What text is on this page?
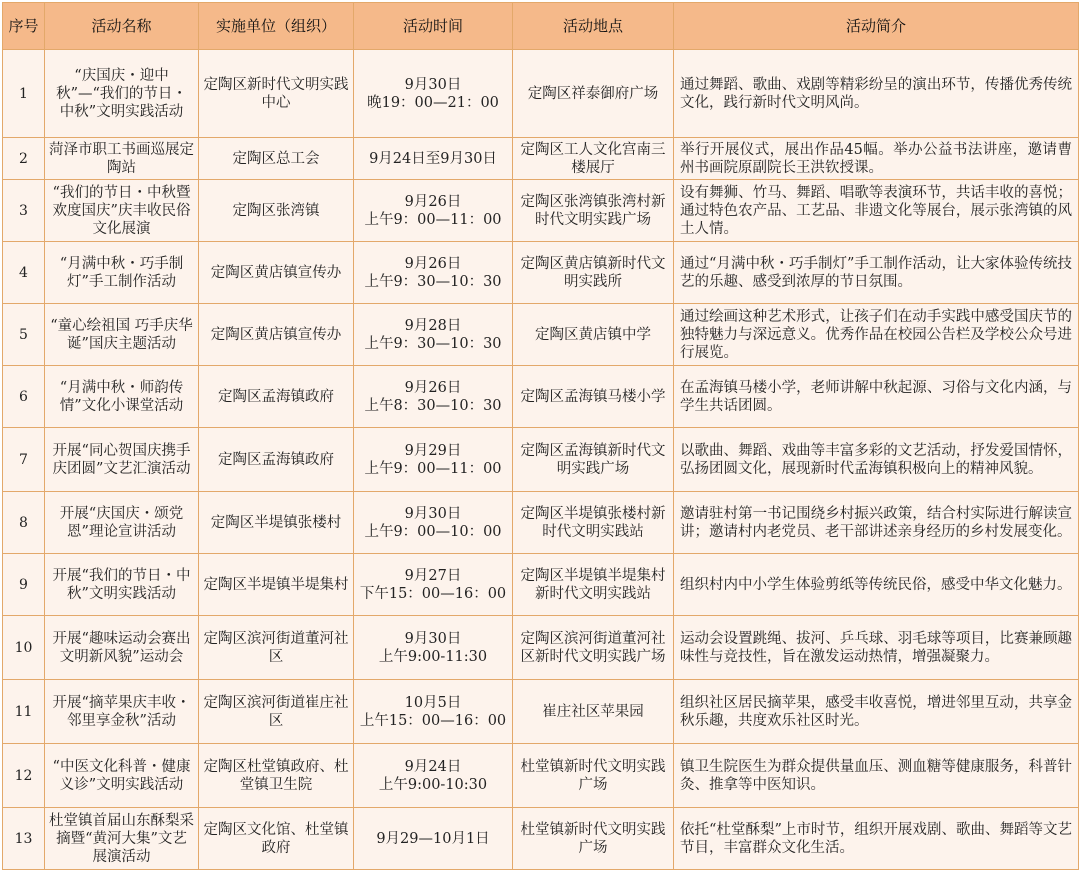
序号	活动名称	实施单位（组织）	活动时间	活动地点	活动简介
1	“庆国庆・迎中秋”—“我们的节日・中秋”文明实践活动	定陶区新时代文明实践中心	9月30日
晚19：00—21：00	定陶区祥泰御府广场	通过舞蹈、歌曲、戏剧等精彩纷呈的演出环节，传播优秀传统文化，践行新时代文明风尚。
2	菏泽市职工书画巡展定陶站	定陶区总工会	9月24日至9月30日	定陶区工人文化宫南三楼展厅	举行开展仪式，展出作品45幅。举办公益书法讲座，邀请曹州书画院原副院长王洪钦授课。
3	“我们的节日・中秋暨欢度国庆”庆丰收民俗文化展演	定陶区张湾镇	9月26日
上午9：00—11：00	定陶区张湾镇张湾村新时代文明实践广场	设有舞狮、竹马、舞蹈、唱歌等表演环节，共话丰收的喜悦；通过特色农产品、工艺品、非遗文化等展台，展示张湾镇的风土人情。
4	“月满中秋・巧手制灯”手工制作活动	定陶区黄店镇宣传办	9月26日
上午9：30—10：30	定陶区黄店镇新时代文明实践所	通过“月满中秋・巧手制灯”手工制作活动，让大家体验传统技艺的乐趣、感受到浓厚的节日氛围。
5	“童心绘祖国 巧手庆华诞”国庆主题活动	定陶区黄店镇宣传办	9月28日
上午9：30—10：30	定陶区黄店镇中学	通过绘画这种艺术形式，让孩子们在动手实践中感受国庆节的独特魅力与深远意义。优秀作品在校园公告栏及学校公众号进行展览。
6	“月满中秋・师韵传情”文化小课堂活动	定陶区孟海镇政府	9月26日
上午8：30—10：30	定陶区孟海镇马楼小学	在孟海镇马楼小学，老师讲解中秋起源、习俗与文化内涵，与学生共话团圆。
7	开展“同心贺国庆携手庆团圆”文艺汇演活动	定陶区孟海镇政府	9月29日
上午9：00—11：00	定陶区孟海镇新时代文明实践广场	以歌曲、舞蹈、戏曲等丰富多彩的文艺活动，抒发爱国情怀，弘扬团圆文化，展现新时代孟海镇积极向上的精神风貌。
8	开展“庆国庆・颂党恩”理论宣讲活动	定陶区半堤镇张楼村	9月30日
上午9：00—10：00	定陶区半堤镇张楼村新时代文明实践站	邀请驻村第一书记围绕乡村振兴政策，结合村实际进行解读宣讲；邀请村内老党员、老干部讲述亲身经历的乡村发展变化。
9	开展“我们的节日・中秋”文明实践活动	定陶区半堤镇半堤集村	9月27日
下午15：00—16：00	定陶区半堤镇半堤集村新时代文明实践站	组织村内中小学生体验剪纸等传统民俗，感受中华文化魅力。
10	开展“趣味运动会赛出文明新风貌”运动会	定陶区滨河街道董河社区	9月30日
上午9:00-11:30	定陶区滨河街道董河社区新时代文明实践广场	运动会设置跳绳、拔河、乒乓球、羽毛球等项目，比赛兼顾趣味性与竞技性，旨在激发运动热情，增强凝聚力。
11	开展“摘苹果庆丰收・邻里享金秋”活动	定陶区滨河街道崔庄社区	10月5日
上午15：00—16：00	崔庄社区苹果园	组织社区居民摘苹果，感受丰收喜悦，增进邻里互动，共享金秋乐趣，共度欢乐社区时光。
12	“中医文化科普・健康义诊”文明实践活动	定陶区杜堂镇政府、杜堂镇卫生院	9月24日
上午9:00-10:30	杜堂镇新时代文明实践广场	镇卫生院医生为群众提供量血压、测血糖等健康服务，科普针灸、推拿等中医知识。
13	杜堂镇首届山东酥梨采摘暨“黄河大集”文艺展演活动	定陶区文化馆、杜堂镇政府	9月29—10月1日	杜堂镇新时代文明实践广场	依托“杜堂酥梨”上市时节，组织开展戏剧、歌曲、舞蹈等文艺节目，丰富群众文化生活。
